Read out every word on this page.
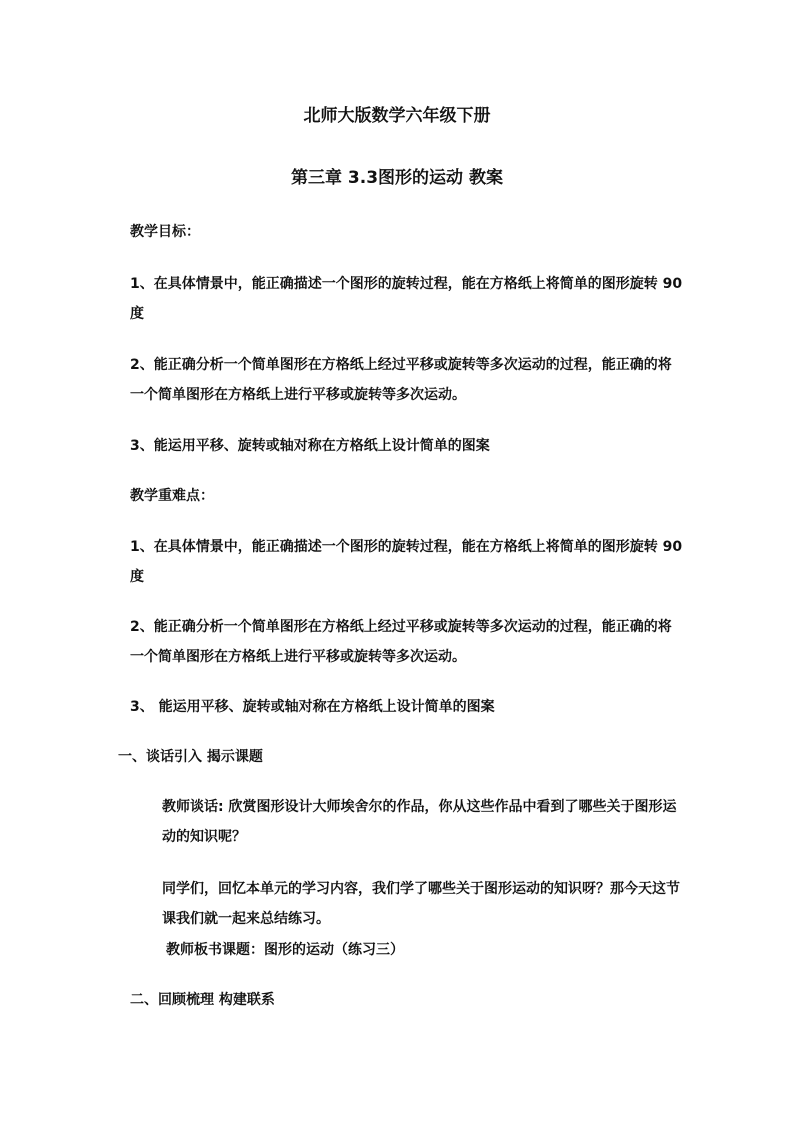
北师大版数学六年级下册
第三章 3.3图形的运动 教案
教学目标：
1、在具体情景中，能正确描述一个图形的旋转过程，能在方格纸上将简单的图形旋转 90
度
2、能正确分析一个简单图形在方格纸上经过平移或旋转等多次运动的过程，能正确的将
一个简单图形在方格纸上进行平移或旋转等多次运动。
3、能运用平移、旋转或轴对称在方格纸上设计简单的图案
教学重难点：
1、在具体情景中，能正确描述一个图形的旋转过程，能在方格纸上将简单的图形旋转 90
度
2、能正确分析一个简单图形在方格纸上经过平移或旋转等多次运动的过程，能正确的将
一个简单图形在方格纸上进行平移或旋转等多次运动。
3、 能运用平移、旋转或轴对称在方格纸上设计简单的图案
一、谈话引入 揭示课题
教师谈话: 欣赏图形设计大师埃舍尔的作品，你从这些作品中看到了哪些关于图形运
动的知识呢？
同学们，回忆本单元的学习内容，我们学了哪些关于图形运动的知识呀？那今天这节
课我们就一起来总结练习。
教师板书课题：图形的运动（练习三）
二、回顾梳理 构建联系
